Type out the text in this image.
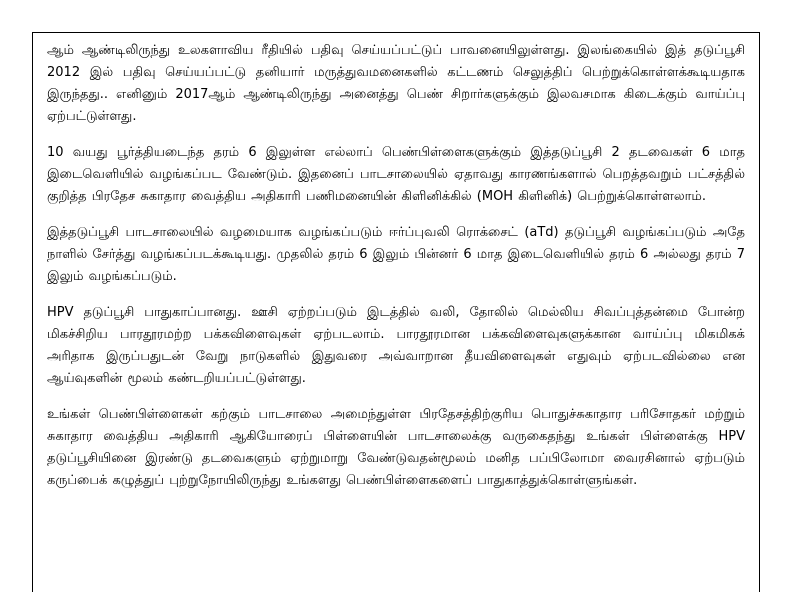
ஆம் ஆண்டிலிருந்து உலகளாவிய ரீதியில் பதிவு செய்யப்பட்டுப் பாவனையிலுள்ளது. இலங்கையில் இத் தடுப்பூசி 2012 இல் பதிவு செய்யப்பட்டு தனியார் மருத்துவமனைகளில் கட்டணம் செலுத்திப் பெற்றுக்கொள்ளக்கூடியதாக இருந்தது.. எனினும் 2017ஆம் ஆண்டிலிருந்து அனைத்து பெண் சிறார்களுக்கும் இலவசமாக கிடைக்கும் வாய்ப்பு ஏற்பட்டுள்ளது.

10 வயது பூர்த்தியடைந்த தரம் 6 இலுள்ள எல்லாப் பெண்பிள்ளைகளுக்கும் இத்தடுப்பூசி 2 தடவைகள் 6 மாத இடைவெளியில் வழங்கப்பட வேண்டும். இதனைப் பாடசாலையில் ஏதாவது காரணங்களால் பெறத்தவறும் பட்சத்தில் குறித்த பிரதேச சுகாதார வைத்திய அதிகாரி பணிமனையின் கிளினிக்கில் (MOH கிளினிக்) பெற்றுக்கொள்ளலாம்.

இத்தடுப்பூசி பாடசாலையில் வழமையாக வழங்கப்படும் ஈர்ப்புவலி ரொக்சைட் (aTd) தடுப்பூசி வழங்கப்படும் அதே நாளில் சேர்த்து வழங்கப்படக்கூடியது. முதலில் தரம் 6 இலும் பின்னர் 6 மாத இடைவெளியில் தரம் 6 அல்லது தரம் 7 இலும் வழங்கப்படும்.

HPV தடுப்பூசி பாதுகாப்பானது. ஊசி ஏற்றப்படும் இடத்தில் வலி, தோலில் மெல்லிய சிவப்புத்தன்மை போன்ற மிகச்சிறிய பாரதூரமற்ற பக்கவிளைவுகள் ஏற்படலாம். பாரதூரமான பக்கவிளைவுகளுக்கான வாய்ப்பு மிகமிகக் அரிதாக இருப்பதுடன் வேறு நாடுகளில் இதுவரை அவ்வாறான தீயவிளைவுகள் எதுவும் ஏற்படவில்லை என ஆய்வுகளின் மூலம் கண்டறியப்பட்டுள்ளது.

உங்கள் பெண்பிள்ளைகள் கற்கும் பாடசாலை அமைந்துள்ள பிரதேசத்திற்குரிய பொதுச்சுகாதார பரிசோதகர் மற்றும் சுகாதார வைத்திய அதிகாரி ஆகியோரைப் பிள்ளையின் பாடசாலைக்கு வருகைதந்து உங்கள் பிள்ளைக்கு HPV தடுப்பூசியினை இரண்டு தடவைகளும் ஏற்றுமாறு வேண்டுவதன்மூலம் மனித பப்பிலோமா வைரசினால் ஏற்படும் கருப்பைக் கழுத்துப் புற்றுநோயிலிருந்து உங்களது பெண்பிள்ளைகளைப் பாதுகாத்துக்கொள்ளுங்கள்.
